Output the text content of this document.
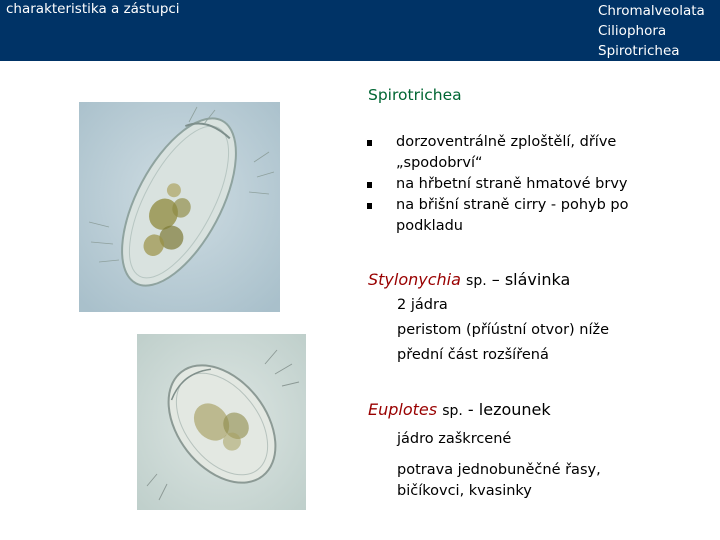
charakteristika a zástupci	Chromalveolata
Ciliophora
Spirotrichea
Spirotrichea
dorzoventrálně zploštělí, dříve „spodobrví“
na hřbetní straně hmatové brvy
na břišní straně cirry - pohyb po podkladu
Stylonychia sp. – slávinka
2 jádra
peristom (příústní otvor) níže
přední část rozšířená
Euplotes sp. - lezounek
jádro zaškrcené
potrava jednobuněčné řasy, bičíkovci, kvasinky
